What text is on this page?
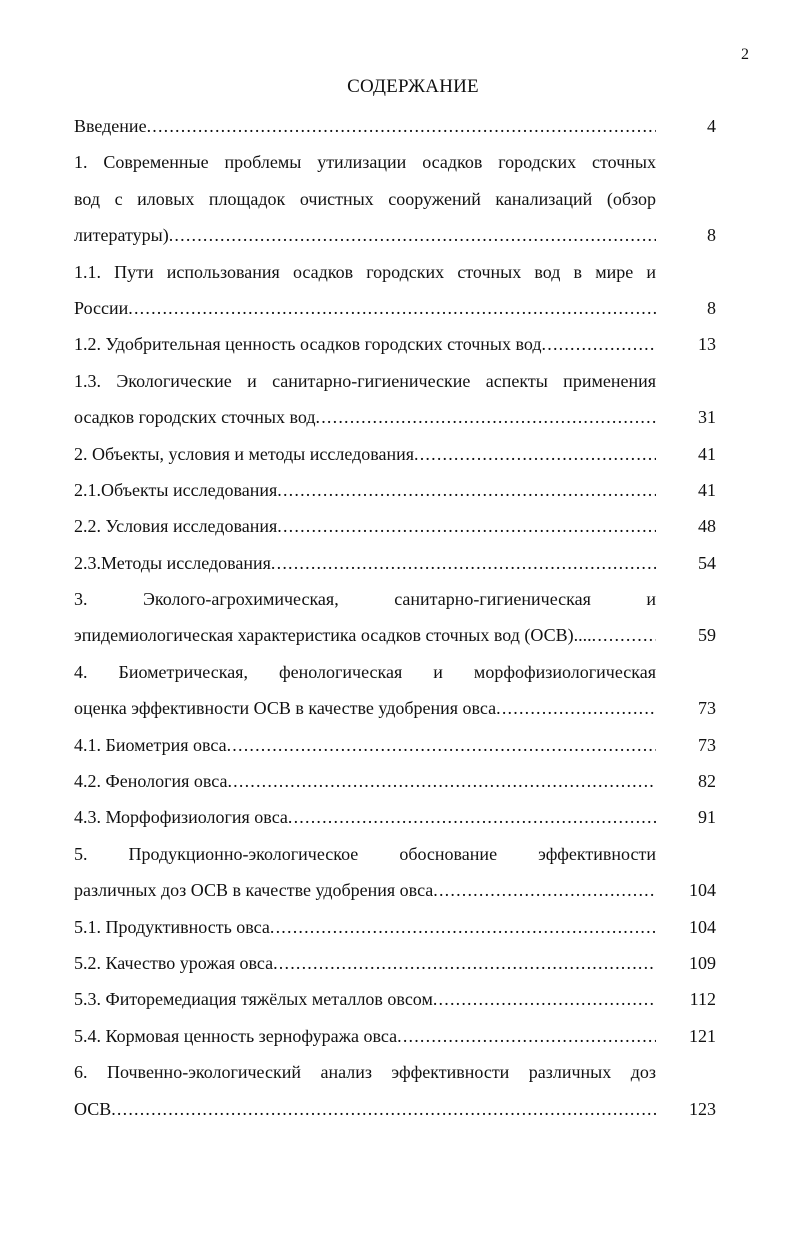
2
СОДЕРЖАНИЕ
Введение .....	4
1. Современные проблемы утилизации осадков городских сточных
вод с иловых площадок очистных сооружений канализаций (обзор
литературы) .....	8
1.1. Пути использования осадков городских сточных вод в мире и
России .....	8
1.2. Удобрительная ценность осадков городских сточных вод .....	13
1.3. Экологические и санитарно-гигиенические аспекты применения
осадков городских сточных вод .....	31
2. Объекты, условия и методы исследования .....	41
2.1.Объекты исследования .....	41
2.2. Условия исследования .....	48
2.3.Методы исследования .....	54
3. Эколого-агрохимическая, санитарно-гигиеническая и
эпидемиологическая характеристика осадков сточных вод (ОСВ).... .....	59
4. Биометрическая, фенологическая и морфофизиологическая
оценка эффективности ОСВ в качестве удобрения овса .....	73
4.1. Биометрия овса .....	73
4.2. Фенология овса .....	82
4.3. Морфофизиология овса .....	91
5. Продукционно-экологическое обоснование эффективности
различных доз ОСВ в качестве удобрения овса .....	104
5.1. Продуктивность овса .....	104
5.2. Качество урожая овса .....	109
5.3. Фиторемедиация тяжёлых металлов овсом .....	112
5.4. Кормовая ценность зернофуража овса .....	121
6. Почвенно-экологический анализ эффективности различных доз
ОСВ .....	123
